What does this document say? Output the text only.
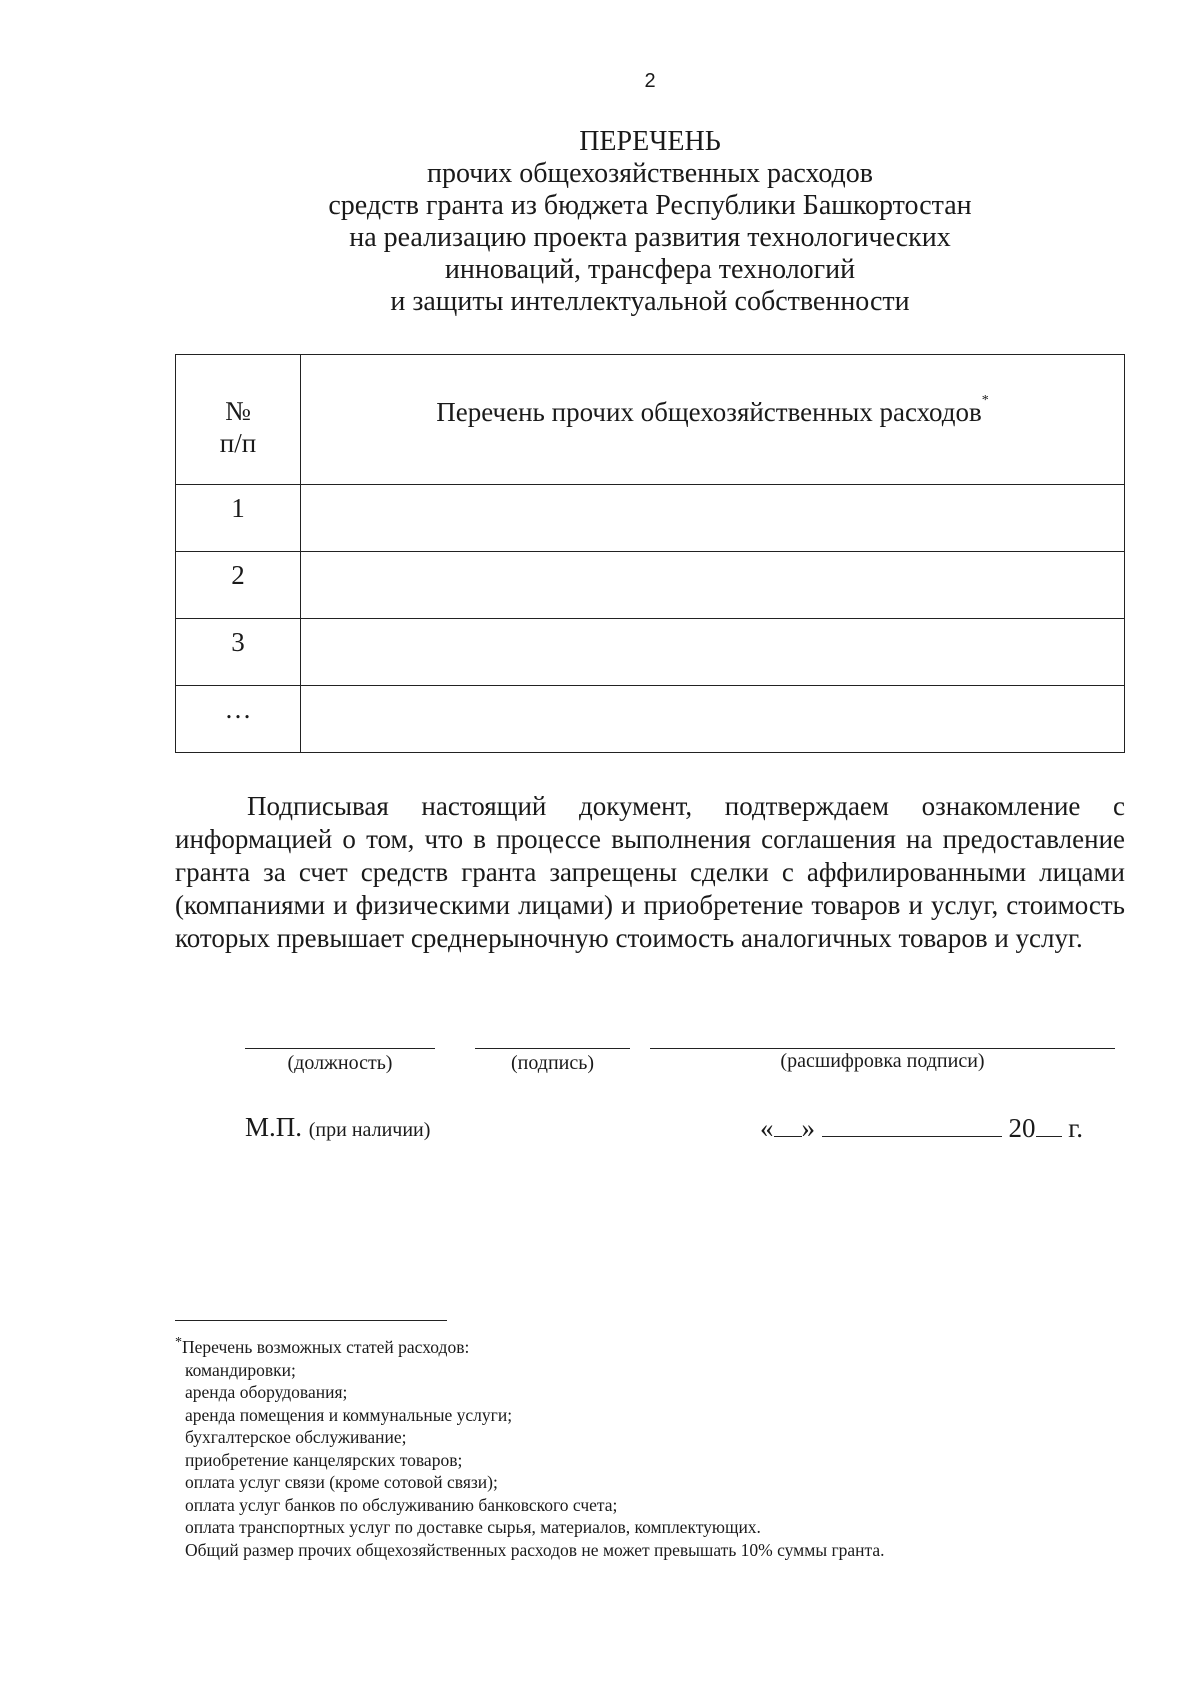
2

ПЕРЕЧЕНЬ

прочих общехозяйственных расходов

средств гранта из бюджета Республики Башкортостан

на реализацию проекта развития технологических

инноваций, трансфера технологий

и защиты интеллектуальной собственности

№
п/п	Перечень прочих общехозяйственных расходов*
1	
2	
3	
…	
Подписывая настоящий документ, подтверждаем ознакомление с информацией о том, что в процессе выполнения соглашения на предоставление гранта за счет средств гранта запрещены сделки с аффилированными лицами (компаниями и физическими лицами) и приобретение товаров и услуг, стоимость которых превышает среднерыночную стоимость аналогичных товаров и услуг.
(должность)	(подпись)	(расшифровка подписи)
М.П. (при наличии)	« »	20 г.
*Перечень возможных статей расходов:
командировки;
аренда оборудования;
аренда помещения и коммунальные услуги;
бухгалтерское обслуживание;
приобретение канцелярских товаров;
оплата услуг связи (кроме сотовой связи);
оплата услуг банков по обслуживанию банковского счета;
оплата транспортных услуг по доставке сырья, материалов, комплектующих.
Общий размер прочих общехозяйственных расходов не может превышать 10% суммы гранта.
